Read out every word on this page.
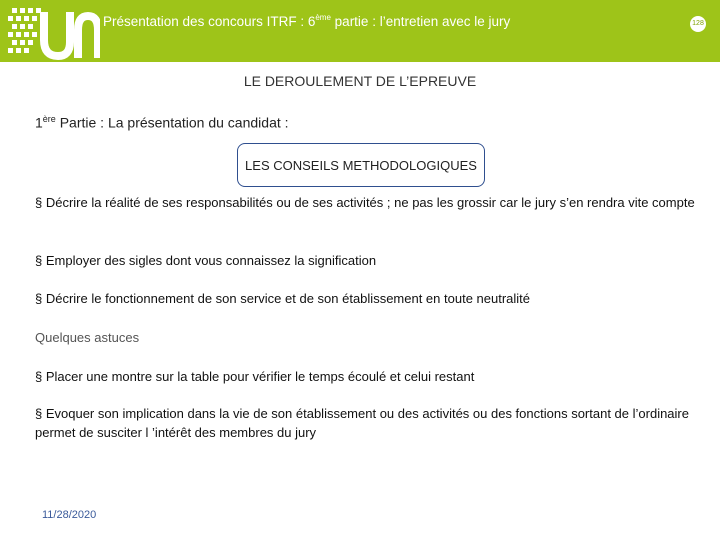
Présentation des concours ITRF : 6ème partie : l’entretien avec le jury	128
LE DEROULEMENT DE L’EPREUVE
1ère Partie : La présentation du candidat :
LES CONSEILS METHODOLOGIQUES
§ Décrire la réalité de ses responsabilités ou de ses activités ; ne pas les grossir car le jury s’en rendra vite compte
§ Employer des sigles dont vous connaissez la signification
§ Décrire le fonctionnement de son service et de son établissement en toute neutralité
Quelques astuces
§ Placer une montre sur la table pour vérifier le temps écoulé et celui restant
§ Evoquer son implication dans la vie de son établissement ou des activités ou des fonctions sortant de l’ordinaire permet de susciter l ’intérêt des membres du jury
11/28/2020
